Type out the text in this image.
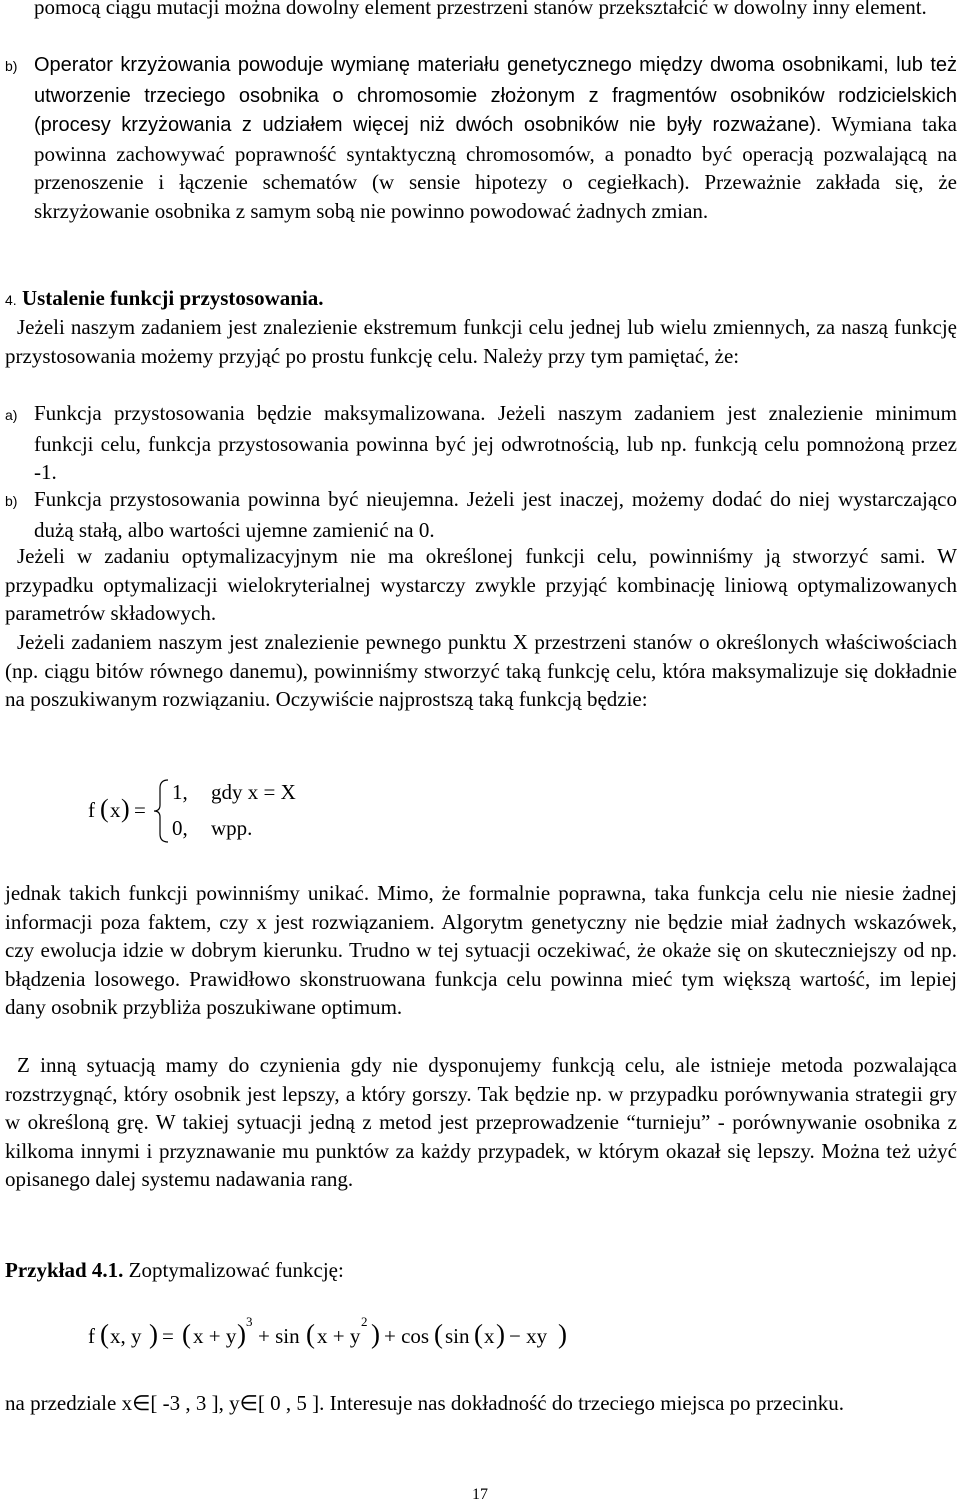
pomocą ciągu mutacji można dowolny element przestrzeni stanów przekształcić w dowolny inny element.

b) Operator krzyżowania powoduje wymianę materiału genetycznego między dwoma osobnikami, lub też utworzenie trzeciego osobnika o chromosomie złożonym z fragmentów osobników rodzicielskich (procesy krzyżowania z udziałem więcej niż dwóch osobników nie były rozważane). Wymiana taka powinna zachowywać poprawność syntaktyczną chromosomów, a ponadto być operacją pozwalającą na przenoszenie i łączenie schematów (w sensie hipotezy o cegiełkach). Przeważnie zakłada się, że skrzyżowanie osobnika z samym sobą nie powinno powodować żadnych zmian.

4. Ustalenie funkcji przystosowania.

Jeżeli naszym zadaniem jest znalezienie ekstremum funkcji celu jednej lub wielu zmiennych, za naszą funkcję przystosowania możemy przyjąć po prostu funkcję celu. Należy przy tym pamiętać, że:

a) Funkcja przystosowania będzie maksymalizowana. Jeżeli naszym zadaniem jest znalezienie minimum funkcji celu, funkcja przystosowania powinna być jej odwrotnością, lub np. funkcją celu pomnożoną przez -1.

b) Funkcja przystosowania powinna być nieujemna. Jeżeli jest inaczej, możemy dodać do niej wystarczająco dużą stałą, albo wartości ujemne zamienić na 0.

Jeżeli w zadaniu optymalizacyjnym nie ma określonej funkcji celu, powinniśmy ją stworzyć sami. W przypadku optymalizacji wielokryterialnej wystarczy zwykle przyjąć kombinację liniową optymalizowanych parametrów składowych.

Jeżeli zadaniem naszym jest znalezienie pewnego punktu X przestrzeni stanów o określonych właściwościach (np. ciągu bitów równego danemu), powinniśmy stworzyć taką funkcję celu, która maksymalizuje się dokładnie na poszukiwanym rozwiązaniu. Oczywiście najprostszą taką funkcją będzie:

f ( x ) =
1, gdy x = X
0, wpp.

jednak takich funkcji powinniśmy unikać. Mimo, że formalnie poprawna, taka funkcja celu nie niesie żadnej informacji poza faktem, czy x jest rozwiązaniem. Algorytm genetyczny nie będzie miał żadnych wskazówek, czy ewolucja idzie w dobrym kierunku. Trudno w tej sytuacji oczekiwać, że okaże się on skuteczniejszy od np. błądzenia losowego. Prawidłowo skonstruowana funkcja celu powinna mieć tym większą wartość, im lepiej dany osobnik przybliża poszukiwane optimum.

Z inną sytuacją mamy do czynienia gdy nie dysponujemy funkcją celu, ale istnieje metoda pozwalająca rozstrzygnąć, który osobnik jest lepszy, a który gorszy. Tak będzie np. w przypadku porównywania strategii gry w określoną grę. W takiej sytuacji jedną z metod jest przeprowadzenie “turnieju” - porównywanie osobnika z kilkoma innymi i przyznawanie mu punktów za każdy przypadek, w którym okazał się lepszy. Można też użyć opisanego dalej systemu nadawania rang.

Przykład 4.1. Zoptymalizować funkcję:

f ( x, y ) = ( x + y ) 3
+ sin ( x + y
2 ) + cos ( sin ( x ) − xy )

na przedziale x∈[ -3 , 3 ], y∈[ 0 , 5 ]. Interesuje nas dokładność do trzeciego miejsca po przecinku.

17
